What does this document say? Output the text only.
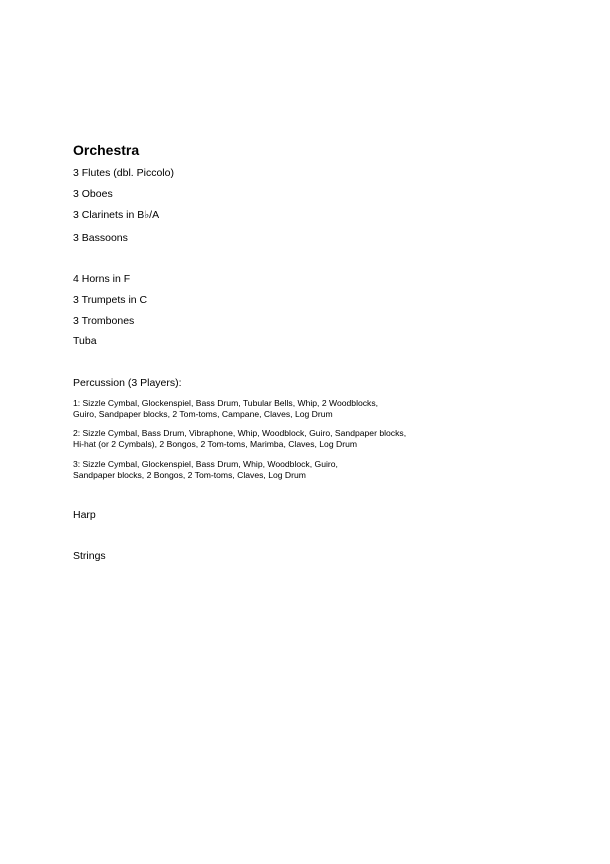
Orchestra
3 Flutes (dbl. Piccolo)
3 Oboes
3 Clarinets in B♭/A
3 Bassoons
4 Horns in F
3 Trumpets in C
3 Trombones
Tuba
Percussion (3 Players):
1: Sizzle Cymbal, Glockenspiel, Bass Drum, Tubular Bells, Whip, 2 Woodblocks,
Guiro, Sandpaper blocks, 2 Tom-toms, Campane, Claves, Log Drum
2: Sizzle Cymbal, Bass Drum, Vibraphone, Whip, Woodblock, Guiro, Sandpaper blocks,
Hi-hat (or 2 Cymbals), 2 Bongos, 2 Tom-toms, Marimba, Claves, Log Drum
3: Sizzle Cymbal, Glockenspiel, Bass Drum, Whip, Woodblock, Guiro,
Sandpaper blocks, 2 Bongos, 2 Tom-toms, Claves, Log Drum
Harp
Strings
